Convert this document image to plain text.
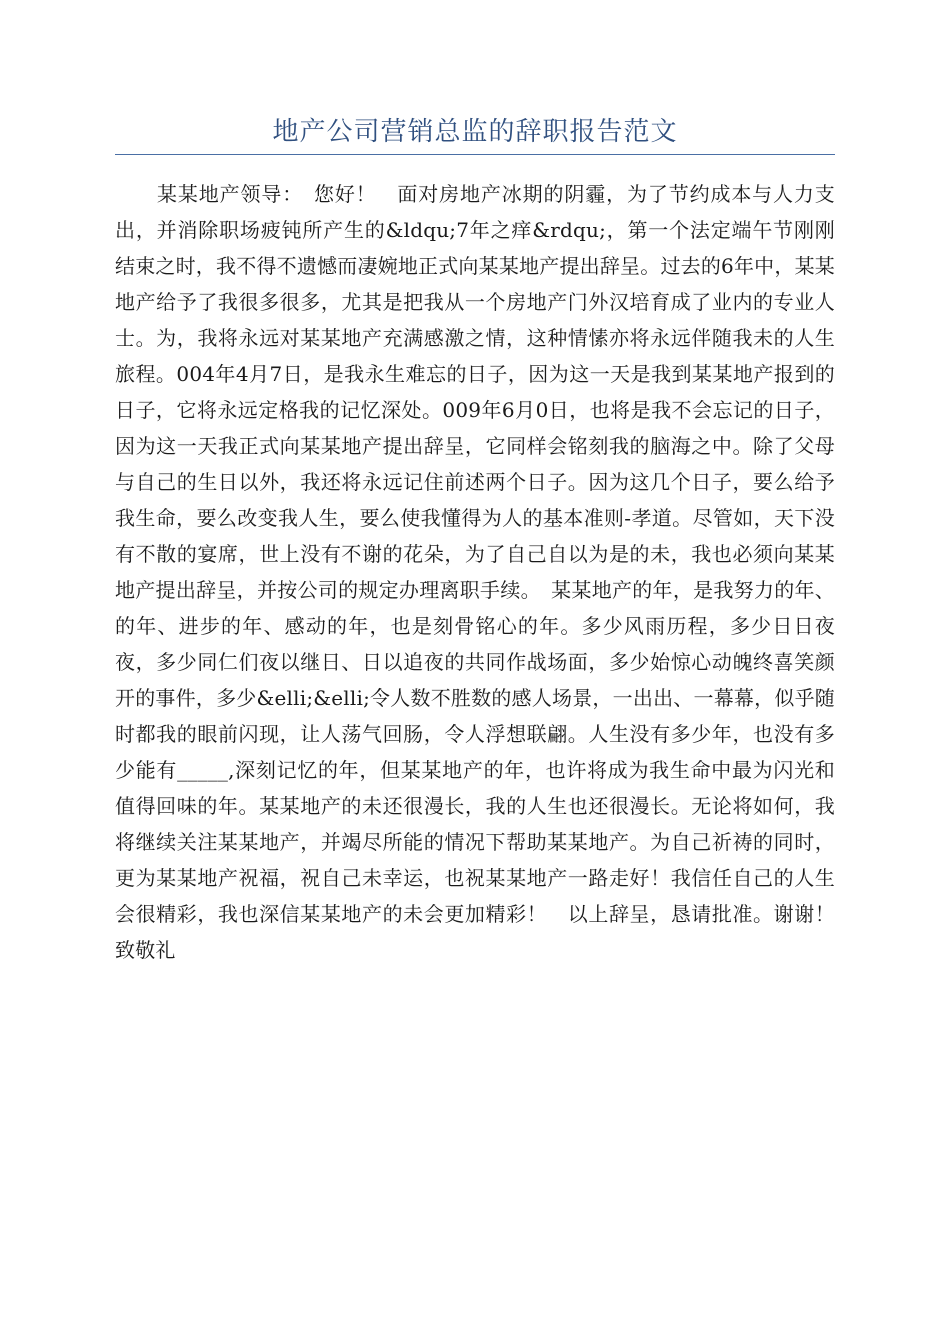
地产公司营销总监的辞职报告范文

某某地产领导：　您好！　面对房地产冰期的阴霾，为了节约成本与人力支出，并消除职场疲钝所产生的&ldqu;7年之痒&rdqu;，第一个法定端午节刚刚结束之时，我不得不遗憾而凄婉地正式向某某地产提出辞呈。过去的6年中，某某地产给予了我很多很多，尤其是把我从一个房地产门外汉培育成了业内的专业人士。为，我将永远对某某地产充满感激之情，这种情愫亦将永远伴随我未的人生旅程。004年4月7日，是我永生难忘的日子，因为这一天是我到某某地产报到的日子，它将永远定格我的记忆深处。009年6月0日，也将是我不会忘记的日子，因为这一天我正式向某某地产提出辞呈，它同样会铭刻我的脑海之中。除了父母与自己的生日以外，我还将永远记住前述两个日子。因为这几个日子，要么给予我生命，要么改变我人生，要么使我懂得为人的基本准则-孝道。尽管如，天下没有不散的宴席，世上没有不谢的花朵，为了自己自以为是的未，我也必须向某某地产提出辞呈，并按公司的规定办理离职手续。　某某地产的年，是我努力的年、的年、进步的年、感动的年，也是刻骨铭心的年。多少风雨历程，多少日日夜夜，多少同仁们夜以继日、日以追夜的共同作战场面，多少始惊心动魄终喜笑颜开的事件，多少&elli;&elli;令人数不胜数的感人场景，一出出、一幕幕，似乎随时都我的眼前闪现，让人荡气回肠，令人浮想联翩。人生没有多少年，也没有多少能有_____,深刻记忆的年，但某某地产的年，也许将成为我生命中最为闪光和值得回味的年。某某地产的未还很漫长，我的人生也还很漫长。无论将如何，我将继续关注某某地产，并竭尽所能的情况下帮助某某地产。为自己祈祷的同时，更为某某地产祝福，祝自己未幸运，也祝某某地产一路走好！我信任自己的人生会很精彩，我也深信某某地产的未会更加精彩！　以上辞呈，恳请批准。谢谢！　致敬礼
